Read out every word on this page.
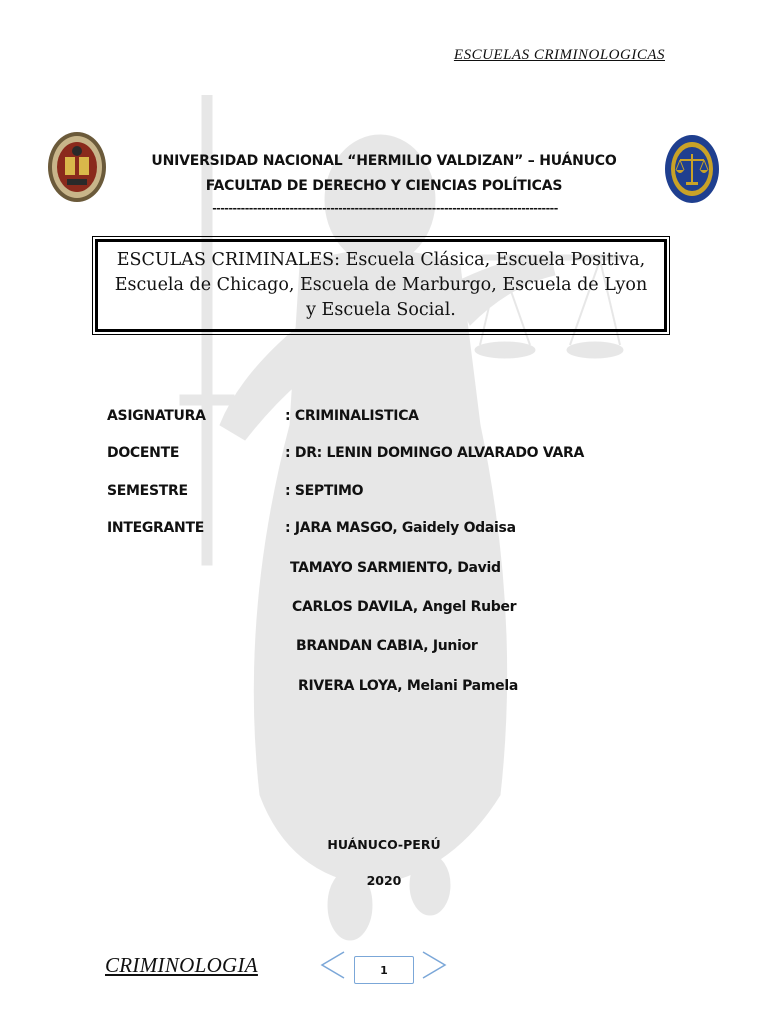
ESCUELAS CRIMINOLOGICAS
UNIVERSIDAD NACIONAL “HERMILIO VALDIZAN” – HUÁNUCO
FACULTAD DE DERECHO Y CIENCIAS POLÍTICAS
-------------------------------------------------------------------------------------
ESCULAS CRIMINALES: Escuela Clásica, Escuela Positiva,
Escuela de Chicago, Escuela de Marburgo, Escuela de Lyon
y Escuela Social.
ASIGNATURA	: CRIMINALISTICA
DOCENTE	: DR: LENIN DOMINGO ALVARADO VARA
SEMESTRE	: SEPTIMO
INTEGRANTE	: JARA MASGO, Gaidely Odaisa
TAMAYO SARMIENTO, David
CARLOS DAVILA, Angel Ruber
BRANDAN CABIA, Junior
RIVERA LOYA, Melani Pamela
HUÁNUCO-PERÚ
2020
CRIMINOLOGIA	1
